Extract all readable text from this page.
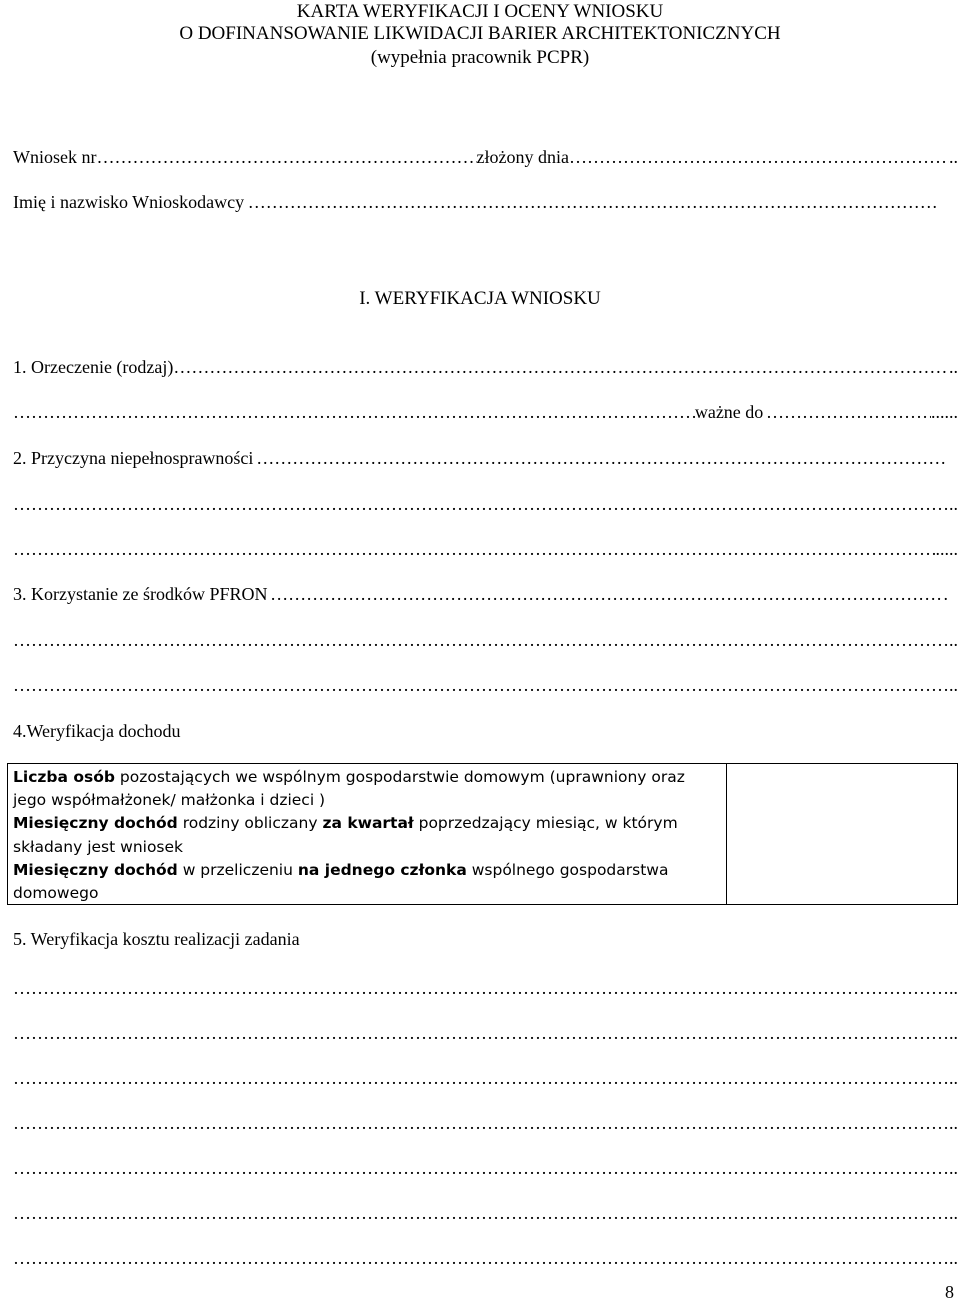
KARTA WERYFIKACJI I OCENY WNIOSKU
O DOFINANSOWANIE LIKWIDACJI BARIER ARCHITEKTONICZNYCH
(wypełnia pracownik PCPR)
Wniosek nr ………………………………………………………………………………………………………………………………………………………………………………………………………………………………	złożony dnia ………………………………………………………………………………………………………………………………………………………………………………………………………………………………	..
Imię i nazwisko Wnioskodawcy
………………………………………………………………………………………………………………………………………………………………………………………………………………………………
I. WERYFIKACJA WNIOSKU
1. Orzeczenie (rodzaj) ………………………………………………………………………………………………………………………………………………………………………………………………………………………………	..
………………………………………………………………………………………………………………………………………………………………………………………………………………………………
ważne do ………………………………………………………………………………………………………………………………………………………………………………………………………………………………	......
2. Przyczyna niepełnosprawności
………………………………………………………………………………………………………………………………………………………………………………………………………………………………
………………………………………………………………………………………………………………………………………………………………………………………………………………………………
..
………………………………………………………………………………………………………………………………………………………………………………………………………………………………
.....
3. Korzystanie ze środków PFRON ………………………………………………………………………………………………………………………………………………………………………………………………………………………………	.
………………………………………………………………………………………………………………………………………………………………………………………………………………………………
..
………………………………………………………………………………………………………………………………………………………………………………………………………………………………
..
4.Weryfikacja dochodu
Liczba osób pozostających we wspólnym gospodarstwie domowym (uprawniony oraz jego współmałżonek/ małżonka i dzieci )
Miesięczny dochód rodziny obliczany za kwartał poprzedzający miesiąc, w którym składany jest wniosek
Miesięczny dochód w przeliczeniu na jednego członka wspólnego gospodarstwa domowego
5. Weryfikacja kosztu realizacji zadania
………………………………………………………………………………………………………………………………………………………………………………………………………………………………
..
………………………………………………………………………………………………………………………………………………………………………………………………………………………………
..
………………………………………………………………………………………………………………………………………………………………………………………………………………………………
..
………………………………………………………………………………………………………………………………………………………………………………………………………………………………
..
………………………………………………………………………………………………………………………………………………………………………………………………………………………………
..
………………………………………………………………………………………………………………………………………………………………………………………………………………………………
..
………………………………………………………………………………………………………………………………………………………………………………………………………………………………
..
8
